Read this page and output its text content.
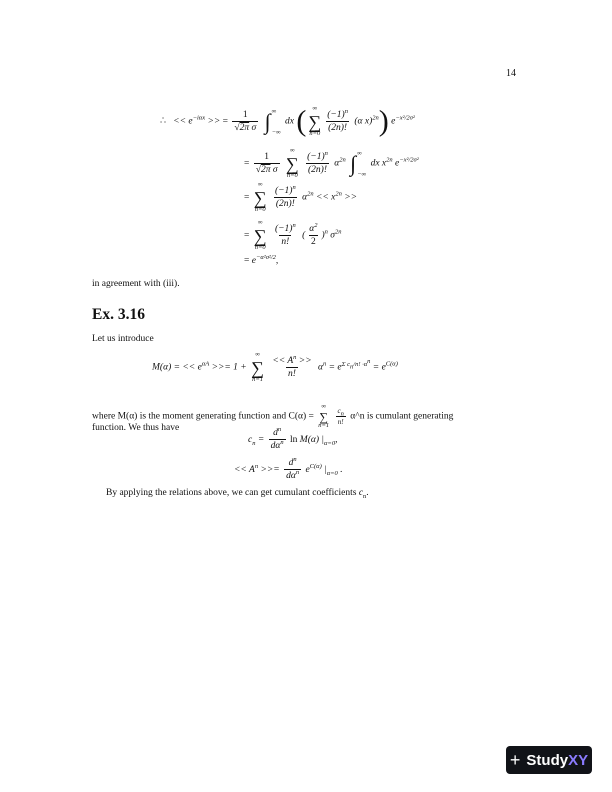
14
∴   << $e^{-i\alpha x}$ >> = $\frac{1}{\text{√2π σ}}$
∫ ∞
−∞
dx ( ∞
∑
$n=0 \frac{(-1)^n}{(2n)!} (\alpha$ x)$^{2n}$) $e^{-x^2/2\sigma^2}$
= $\frac{1}{\text{√2π σ}}$

∞
∑
n=0
$\frac{(-1)^n}{(2n)!} \alpha^{2n}$ ∫ ∞
−∞
dx $x^{2n}$ $e^{-x^2/2\sigma^2}$
=
∞
∑
n=0
$\frac{(-1)^n}{(2n)!} \alpha^{2n} << x^{2n}$ >>
=
∞
∑
n=0
$\frac{(-1)^n}{n!}$ ( $\frac{\alpha^2}{2} )^n$ $\sigma^{2n}$
= $e^{-\alpha^2\sigma^2/2}$,
in agreement with (iii).
Ex. 3.16
Let us introduce
M(α) = << $e^{\alpha A}$ >>= 1 +
∞
∑
n=1
$\frac{<< A^n >>}{n!} \alpha^n = e^{\Sigma c_n/n! \cdot\alpha^n} = e^{C(\alpha)}$
where M(α) is the moment generating function and C(α) =
∞
∑
n=1
$\frac{c_n}{n!}$ α^n is cumulant generating
function. We thus have
$c_n = \frac{d^n}{d\alpha^n}$ ln M(α) $|_{\alpha=0}$,
<< $A^n$ >>= $\frac{d^n}{d\alpha^n} e^{C(\alpha)}$ $|_{\alpha=0}$ .
By applying the relations above, we can get cumulant coefficients $c_n$.
+ StudyXY
